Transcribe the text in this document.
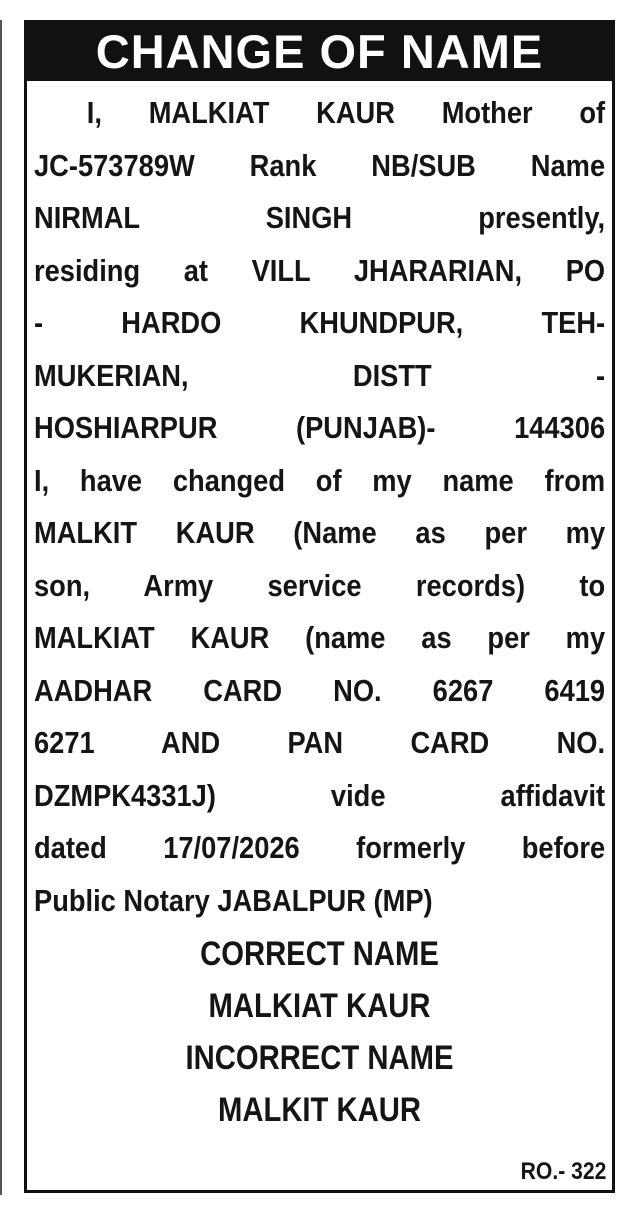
CHANGE OF NAME
I, MALKIAT KAUR Mother of
JC-573789W Rank NB/SUB Name
NIRMAL SINGH presently,
residing at VILL JHARARIAN, PO
- HARDO KHUNDPUR, TEH-
MUKERIAN, DISTT -
HOSHIARPUR (PUNJAB)- 144306
I, have changed of my name from
MALKIT KAUR (Name as per my
son, Army service records) to
MALKIAT KAUR (name as per my
AADHAR CARD NO. 6267 6419
6271 AND PAN CARD NO.
DZMPK4331J) vide affidavit
dated 17/07/2026 formerly before
Public Notary JABALPUR (MP)
CORRECT NAME
MALKIAT KAUR
INCORRECT NAME
MALKIT KAUR
RO.- 322
